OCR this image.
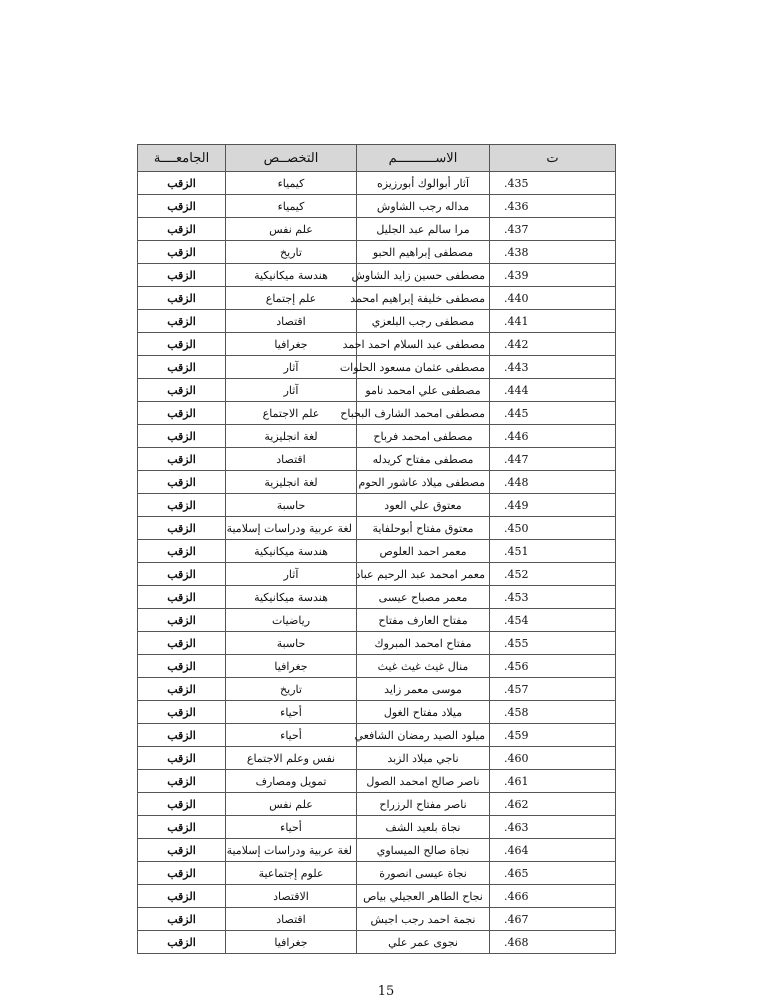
ت	الاســــــــــم	التخصــص	الجامعــــة
435.	آثار أبوالوك أبورزيزه	كيمياء	الزقب
436.	مداله رجب الشاوش	كيمياء	الزقب
437.	مرا سالم عبد الجليل	علم نفس	الزقب
438.	مصطفى إبراهيم الحبو	تاريخ	الزقب
439.	مصطفى حسين زايد الشاوش	هندسة ميكانيكية	الزقب
440.	مصطفى خليفة إبراهيم امحمد	علم إجتماع	الزقب
441.	مصطفى رجب البلعزي	اقتصاد	الزقب
442.	مصطفى عبد السلام احمد احمد	جغرافيا	الزقب
443.	مصطفى عثمان مسعود الحلوات	آثار	الزقب
444.	مصطفى علي امحمد نامو	آثار	الزقب
445.	مصطفى امحمد الشارف البحباح	علم الاجتماع	الزقب
446.	مصطفى امحمد فرباح	لغة انجليزية	الزقب
447.	مصطفى مفتاح كريدله	اقتصاد	الزقب
448.	مصطفى ميلاد عاشور الحوم	لغة انجليزية	الزقب
449.	معتوق علي العود	حاسبة	الزقب
450.	معتوق مفتاح أبوحلفاية	لغة عربية ودراسات إسلامية	الزقب
451.	معمر احمد العلوص	هندسة ميكانيكية	الزقب
452.	معمر امحمد عبد الرحيم عباد	آثار	الزقب
453.	معمر مصباح عيسى	هندسة ميكانيكية	الزقب
454.	مفتاح العارف مفتاح	رياضيات	الزقب
455.	مفتاح امحمد المبروك	حاسبة	الزقب
456.	منال غيث غيث غيث	جغرافيا	الزقب
457.	موسى معمر زايد	تاريخ	الزقب
458.	ميلاد مفتاح الغول	أحياء	الزقب
459.	ميلود الصيد رمضان الشافعي	أحياء	الزقب
460.	ناجي ميلاد الزبد	نفس وعلم الاجتماع	الزقب
461.	ناصر صالح امحمد الصول	تمويل ومصارف	الزقب
462.	ناصر مفتاح الرزراح	علم نفس	الزقب
463.	نجاة بلعيد الشف	أحياء	الزقب
464.	نجاة صالح الميساوي	لغة عربية ودراسات إسلامية	الزقب
465.	نجاة عيسى انصورة	علوم إجتماعية	الزقب
466.	نجاح الطاهر العجيلي بياص	الاقتصاد	الزقب
467.	نجمة احمد رجب اجيش	اقتصاد	الزقب
468.	نجوى عمر علي	جغرافيا	الزقب
15
